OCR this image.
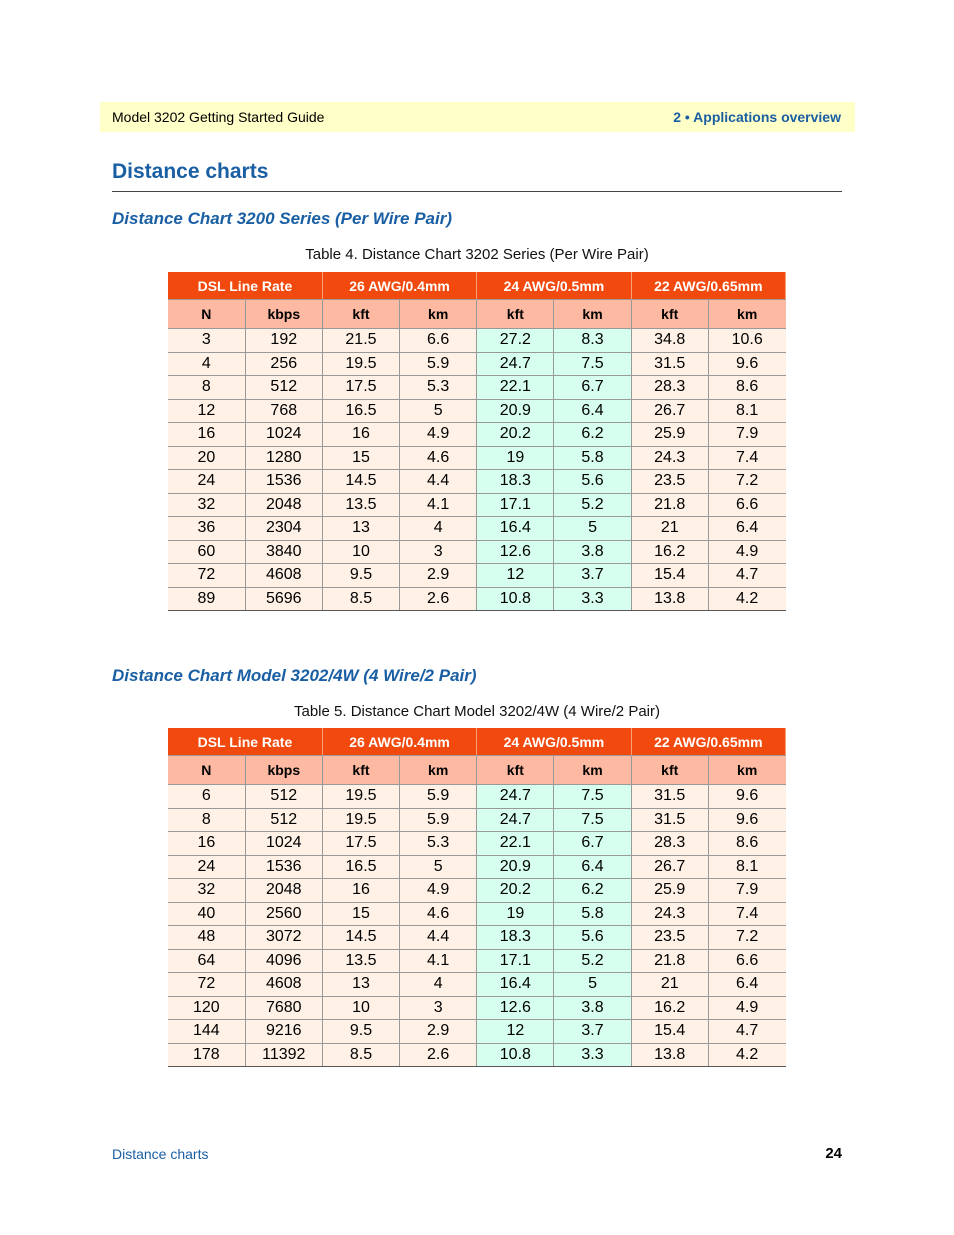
Model 3202 Getting Started Guide	2 • Applications overview
Distance charts
Distance Chart 3200 Series (Per Wire Pair)
Table 4. Distance Chart 3202 Series (Per Wire Pair)
DSL Line Rate		26 AWG/0.4mm		24 AWG/0.5mm		22 AWG/0.65mm	
N	kbps	kft	km	kft	km	kft	km
3	192	21.5	6.6	27.2	8.3	34.8	10.6
4	256	19.5	5.9	24.7	7.5	31.5	9.6
8	512	17.5	5.3	22.1	6.7	28.3	8.6
12	768	16.5	5	20.9	6.4	26.7	8.1
16	1024	16	4.9	20.2	6.2	25.9	7.9
20	1280	15	4.6	19	5.8	24.3	7.4
24	1536	14.5	4.4	18.3	5.6	23.5	7.2
32	2048	13.5	4.1	17.1	5.2	21.8	6.6
36	2304	13	4	16.4	5	21	6.4
60	3840	10	3	12.6	3.8	16.2	4.9
72	4608	9.5	2.9	12	3.7	15.4	4.7
89	5696	8.5	2.6	10.8	3.3	13.8	4.2
Distance Chart Model 3202/4W (4 Wire/2 Pair)
Table 5. Distance Chart Model 3202/4W (4 Wire/2 Pair)
DSL Line Rate		26 AWG/0.4mm		24 AWG/0.5mm		22 AWG/0.65mm	
N	kbps	kft	km	kft	km	kft	km
6	512	19.5	5.9	24.7	7.5	31.5	9.6
8	512	19.5	5.9	24.7	7.5	31.5	9.6
16	1024	17.5	5.3	22.1	6.7	28.3	8.6
24	1536	16.5	5	20.9	6.4	26.7	8.1
32	2048	16	4.9	20.2	6.2	25.9	7.9
40	2560	15	4.6	19	5.8	24.3	7.4
48	3072	14.5	4.4	18.3	5.6	23.5	7.2
64	4096	13.5	4.1	17.1	5.2	21.8	6.6
72	4608	13	4	16.4	5	21	6.4
120	7680	10	3	12.6	3.8	16.2	4.9
144	9216	9.5	2.9	12	3.7	15.4	4.7
178	11392	8.5	2.6	10.8	3.3	13.8	4.2
Distance charts	24
